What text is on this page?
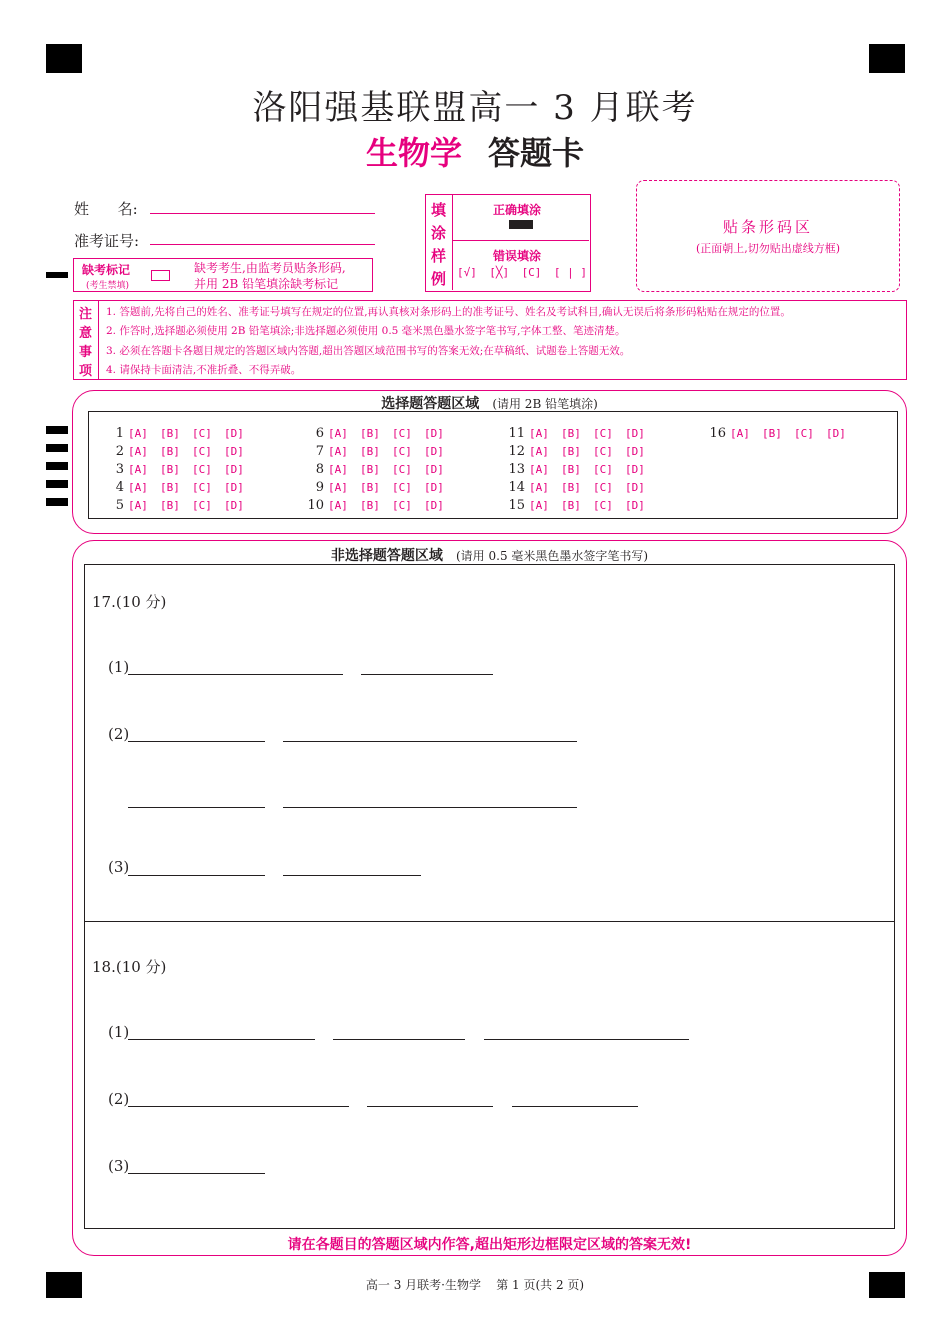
洛阳强基联盟高一 3 月联考
生物学 答题卡
姓      名:
准考证号:
缺考标记
(考生禁填)
缺考考生,由监考员贴条形码,
并用 2B 铅笔填涂缺考标记
填
涂
样
例
正确填涂
错误填涂
[√] [╳] [C] [ | ]
贴条形码区
(正面朝上,切勿贴出虚线方框)
注
意
事
项
1. 答题前,先将自己的姓名、准考证号填写在规定的位置,再认真核对条形码上的准考证号、姓名及考试科目,确认无误后将条形码粘贴在规定的位置。
2. 作答时,选择题必须使用 2B 铅笔填涂;非选择题必须使用 0.5 毫米黑色墨水签字笔书写,字体工整、笔迹清楚。
3. 必须在答题卡各题目规定的答题区域内答题,超出答题区域范围书写的答案无效;在草稿纸、试题卷上答题无效。
4. 请保持卡面清洁,不准折叠、不得弄破。
选择题答题区域 (请用 2B 铅笔填涂)
1 [A] [B] [C] [D]
2 [A] [B] [C] [D]
3 [A] [B] [C] [D]
4 [A] [B] [C] [D]
5 [A] [B] [C] [D]
6 [A] [B] [C] [D]
7 [A] [B] [C] [D]
8 [A] [B] [C] [D]
9 [A] [B] [C] [D]
10 [A] [B] [C] [D]
11 [A] [B] [C] [D]
12 [A] [B] [C] [D]
13 [A] [B] [C] [D]
14 [A] [B] [C] [D]
15 [A] [B] [C] [D]
16 [A] [B] [C] [D]
非选择题答题区域 (请用 0.5 毫米黑色墨水签字笔书写)
17.(10 分)
(1)
(2)
(3)
18.(10 分)
(1)
(2)
(3)
请在各题目的答题区域内作答,超出矩形边框限定区域的答案无效!
高一 3 月联考·生物学    第 1 页(共 2 页)
